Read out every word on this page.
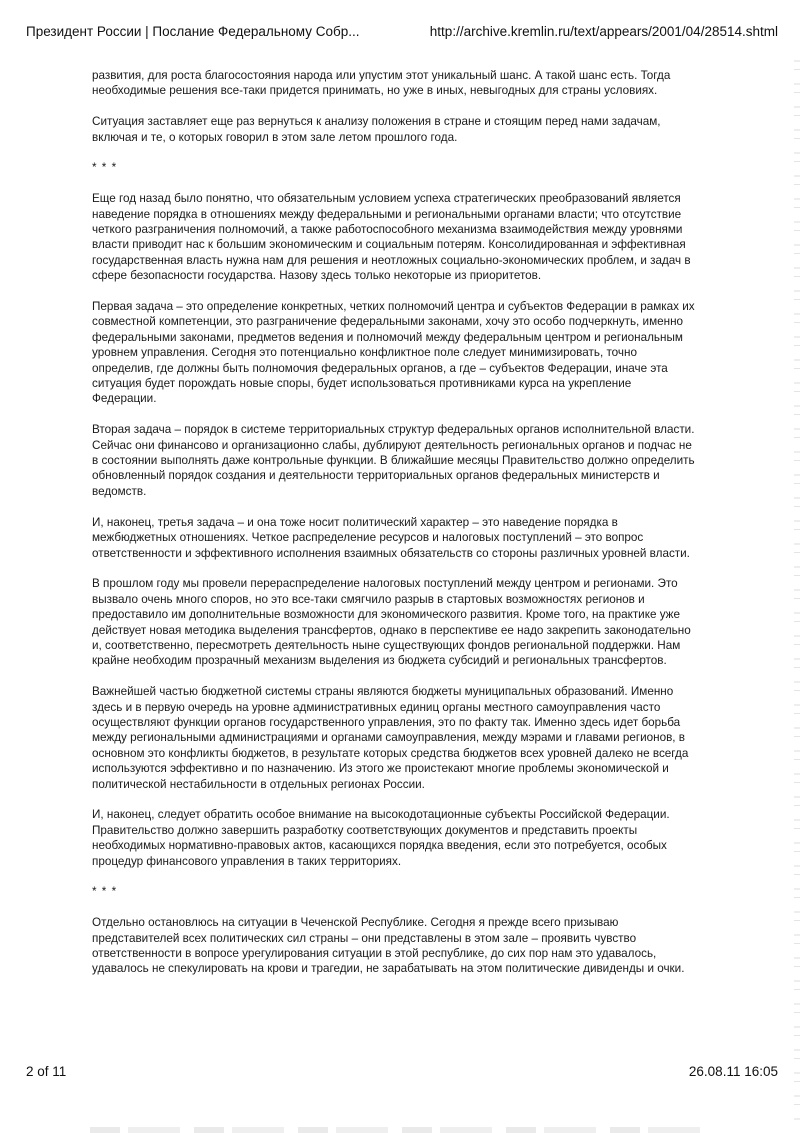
Президент России | Послание Федеральному Собр...	http://archive.kremlin.ru/text/appears/2001/04/28514.shtml

развития, для роста благосостояния народа или упустим этот уникальный шанс. А такой шанс есть. Тогда необходимые решения все-таки придется принимать, но уже в иных, невыгодных для страны условиях.

Ситуация заставляет еще раз вернуться к анализу положения в стране и стоящим перед нами задачам, включая и те, о которых говорил в этом зале летом прошлого года.

* * *

Еще год назад было понятно, что обязательным условием успеха стратегических преобразований является наведение порядка в отношениях между федеральными и региональными органами власти; что отсутствие четкого разграничения полномочий, а также работоспособного механизма взаимодействия между уровнями власти приводит нас к большим экономическим и социальным потерям. Консолидированная и эффективная государственная власть нужна нам для решения и неотложных социально-экономических проблем, и задач в сфере безопасности государства. Назову здесь только некоторые из приоритетов.

Первая задача – это определение конкретных, четких полномочий центра и субъектов Федерации в рамках их совместной компетенции, это разграничение федеральными законами, хочу это особо подчеркнуть, именно федеральными законами, предметов ведения и полномочий между федеральным центром и региональным уровнем управления. Сегодня это потенциально конфликтное поле следует минимизировать, точно определив, где должны быть полномочия федеральных органов, а где – субъектов Федерации, иначе эта ситуация будет порождать новые споры, будет использоваться противниками курса на укрепление Федерации.

Вторая задача – порядок в системе территориальных структур федеральных органов исполнительной власти. Сейчас они финансово и организационно слабы, дублируют деятельность региональных органов и подчас не в состоянии выполнять даже контрольные функции. В ближайшие месяцы Правительство должно определить обновленный порядок создания и деятельности территориальных органов федеральных министерств и ведомств.

И, наконец, третья задача – и она тоже носит политический характер – это наведение порядка в межбюджетных отношениях. Четкое распределение ресурсов и налоговых поступлений – это вопрос ответственности и эффективного исполнения взаимных обязательств со стороны различных уровней власти.

В прошлом году мы провели перераспределение налоговых поступлений между центром и регионами. Это вызвало очень много споров, но это все-таки смягчило разрыв в стартовых возможностях регионов и предоставило им дополнительные возможности для экономического развития. Кроме того, на практике уже действует новая методика выделения трансфертов, однако в перспективе ее надо закрепить законодательно и, соответственно, пересмотреть деятельность ныне существующих фондов региональной поддержки. Нам крайне необходим прозрачный механизм выделения из бюджета субсидий и региональных трансфертов.

Важнейшей частью бюджетной системы страны являются бюджеты муниципальных образований. Именно здесь и в первую очередь на уровне административных единиц органы местного самоуправления часто осуществляют функции органов государственного управления, это по факту так. Именно здесь идет борьба между региональными администрациями и органами самоуправления, между мэрами и главами регионов, в основном это конфликты бюджетов, в результате которых средства бюджетов всех уровней далеко не всегда используются эффективно и по назначению. Из этого же проистекают многие проблемы экономической и политической нестабильности в отдельных регионах России.

И, наконец, следует обратить особое внимание на высокодотационные субъекты Российской Федерации. Правительство должно завершить разработку соответствующих документов и представить проекты необходимых нормативно-правовых актов, касающихся порядка введения, если это потребуется, особых процедур финансового управления в таких территориях.

* * *

Отдельно остановлюсь на ситуации в Чеченской Республике. Сегодня я прежде всего призываю представителей всех политических сил страны – они представлены в этом зале – проявить чувство ответственности в вопросе урегулирования ситуации в этой республике, до сих пор нам это удавалось, удавалось не спекулировать на крови и трагедии, не зарабатывать на этом политические дивиденды и очки.

2 of 11	26.08.11 16:05
